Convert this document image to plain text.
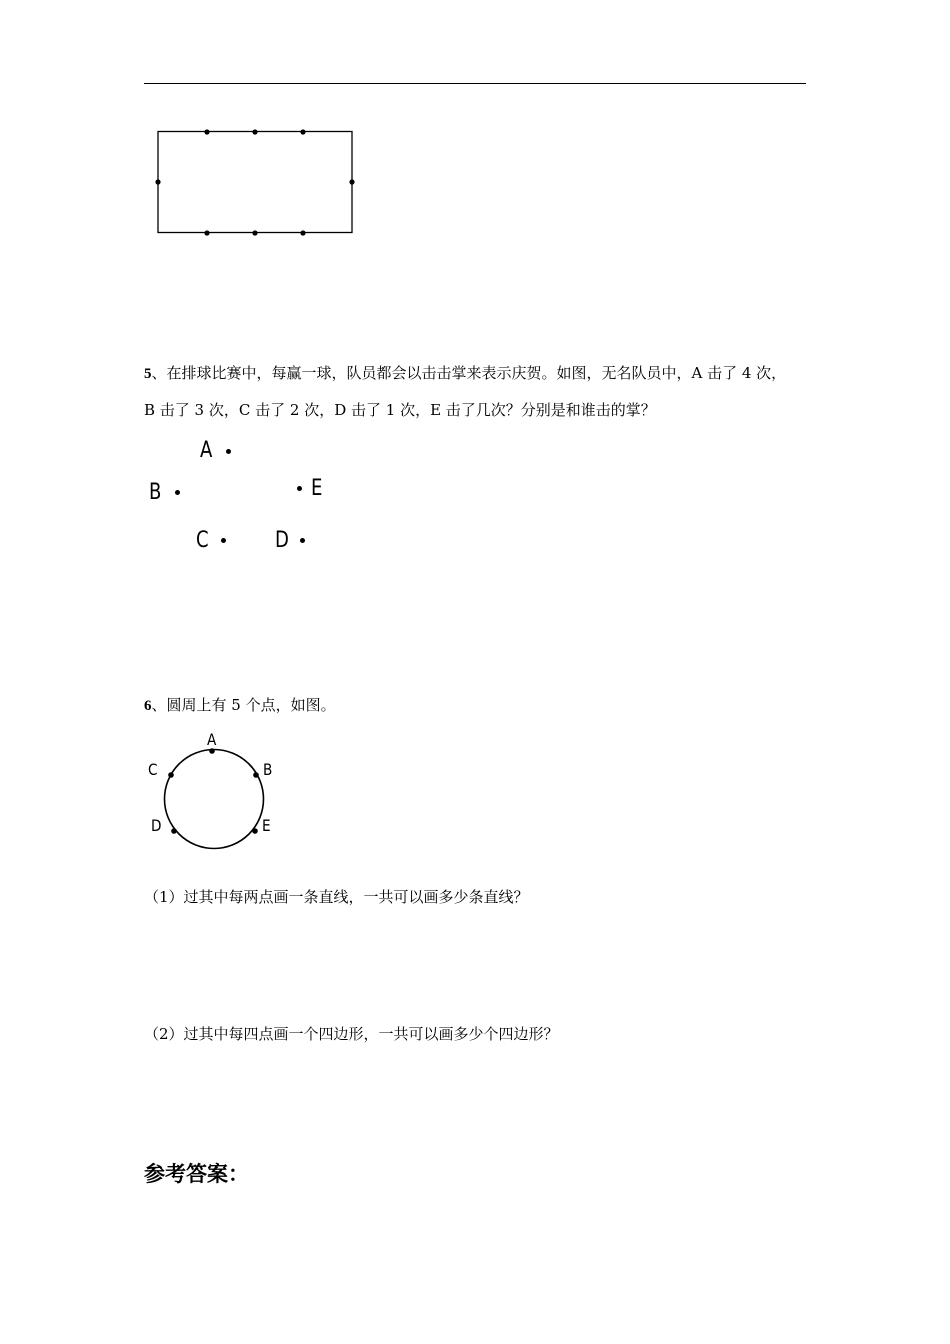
5、在排球比赛中，每赢一球，队员都会以击击掌来表示庆贺。如图，无名队员中，A 击了 4 次，
B 击了 3 次，C 击了 2 次，D 击了 1 次，E 击了几次？分别是和谁击的掌？
A
B	E
C	D
6、圆周上有 5 个点，如图。
A
B
C
D	E
（1）过其中每两点画一条直线，一共可以画多少条直线？
（2）过其中每四点画一个四边形，一共可以画多少个四边形？
参考答案：
